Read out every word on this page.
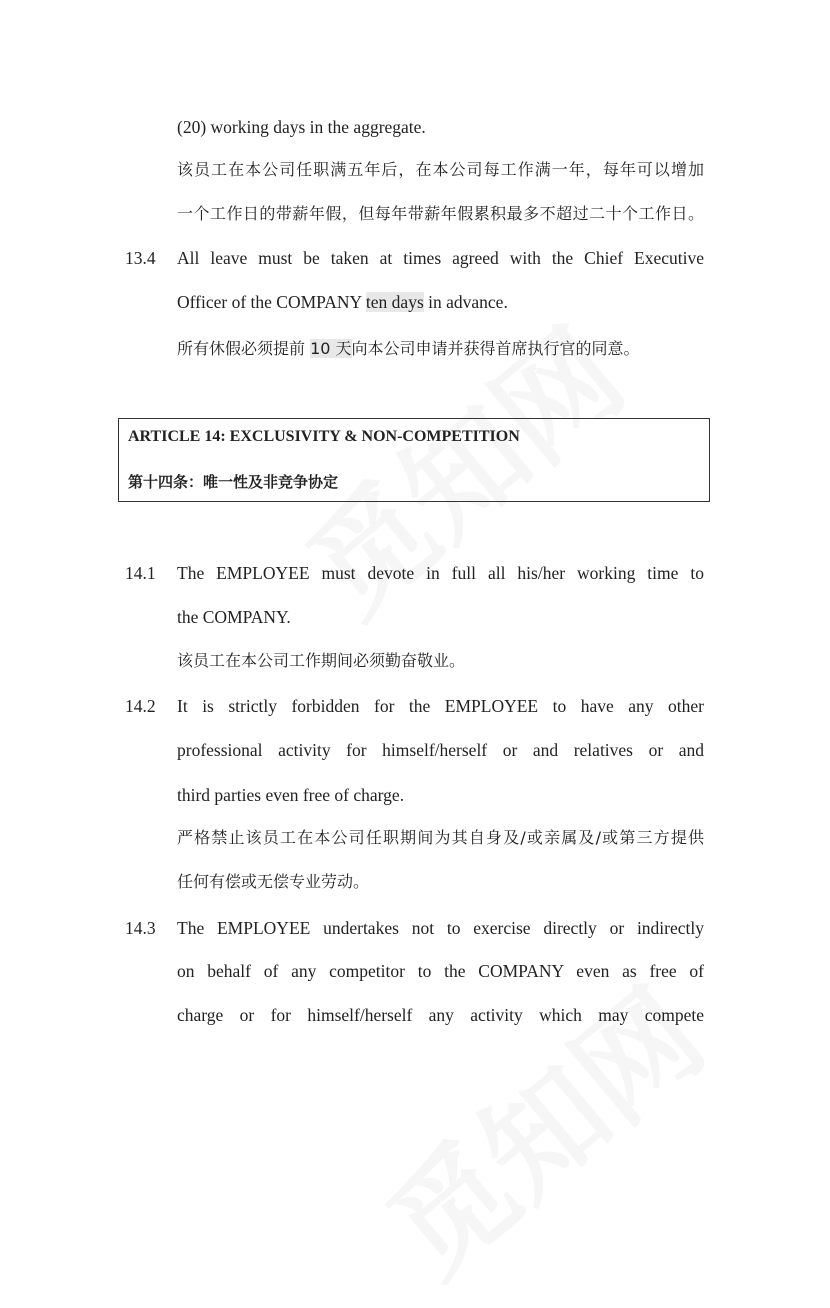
(20) working days in the aggregate.
该员工在本公司任职满五年后，在本公司每工作满一年，每年可以增加
一个工作日的带薪年假，但每年带薪年假累积最多不超过二十个工作日。
13.4 All leave must be taken at times agreed with the Chief Executive
Officer of the COMPANY ten days in advance.
所有休假必须提前 10 天向本公司申请并获得首席执行官的同意。
ARTICLE 14: EXCLUSIVITY & NON-COMPETITION
第十四条：唯一性及非竞争协定
14.1 The EMPLOYEE must devote in full all his/her working time to
the COMPANY.
该员工在本公司工作期间必须勤奋敬业。
14.2 It is strictly forbidden for the EMPLOYEE to have any other
professional activity for himself/herself or and relatives or and
third parties even free of charge.
严格禁止该员工在本公司任职期间为其自身及/或亲属及/或第三方提供
任何有偿或无偿专业劳动。
14.3 The EMPLOYEE undertakes not to exercise directly or indirectly
on behalf of any competitor to the COMPANY even as free of
charge or for himself/herself any activity which may compete
